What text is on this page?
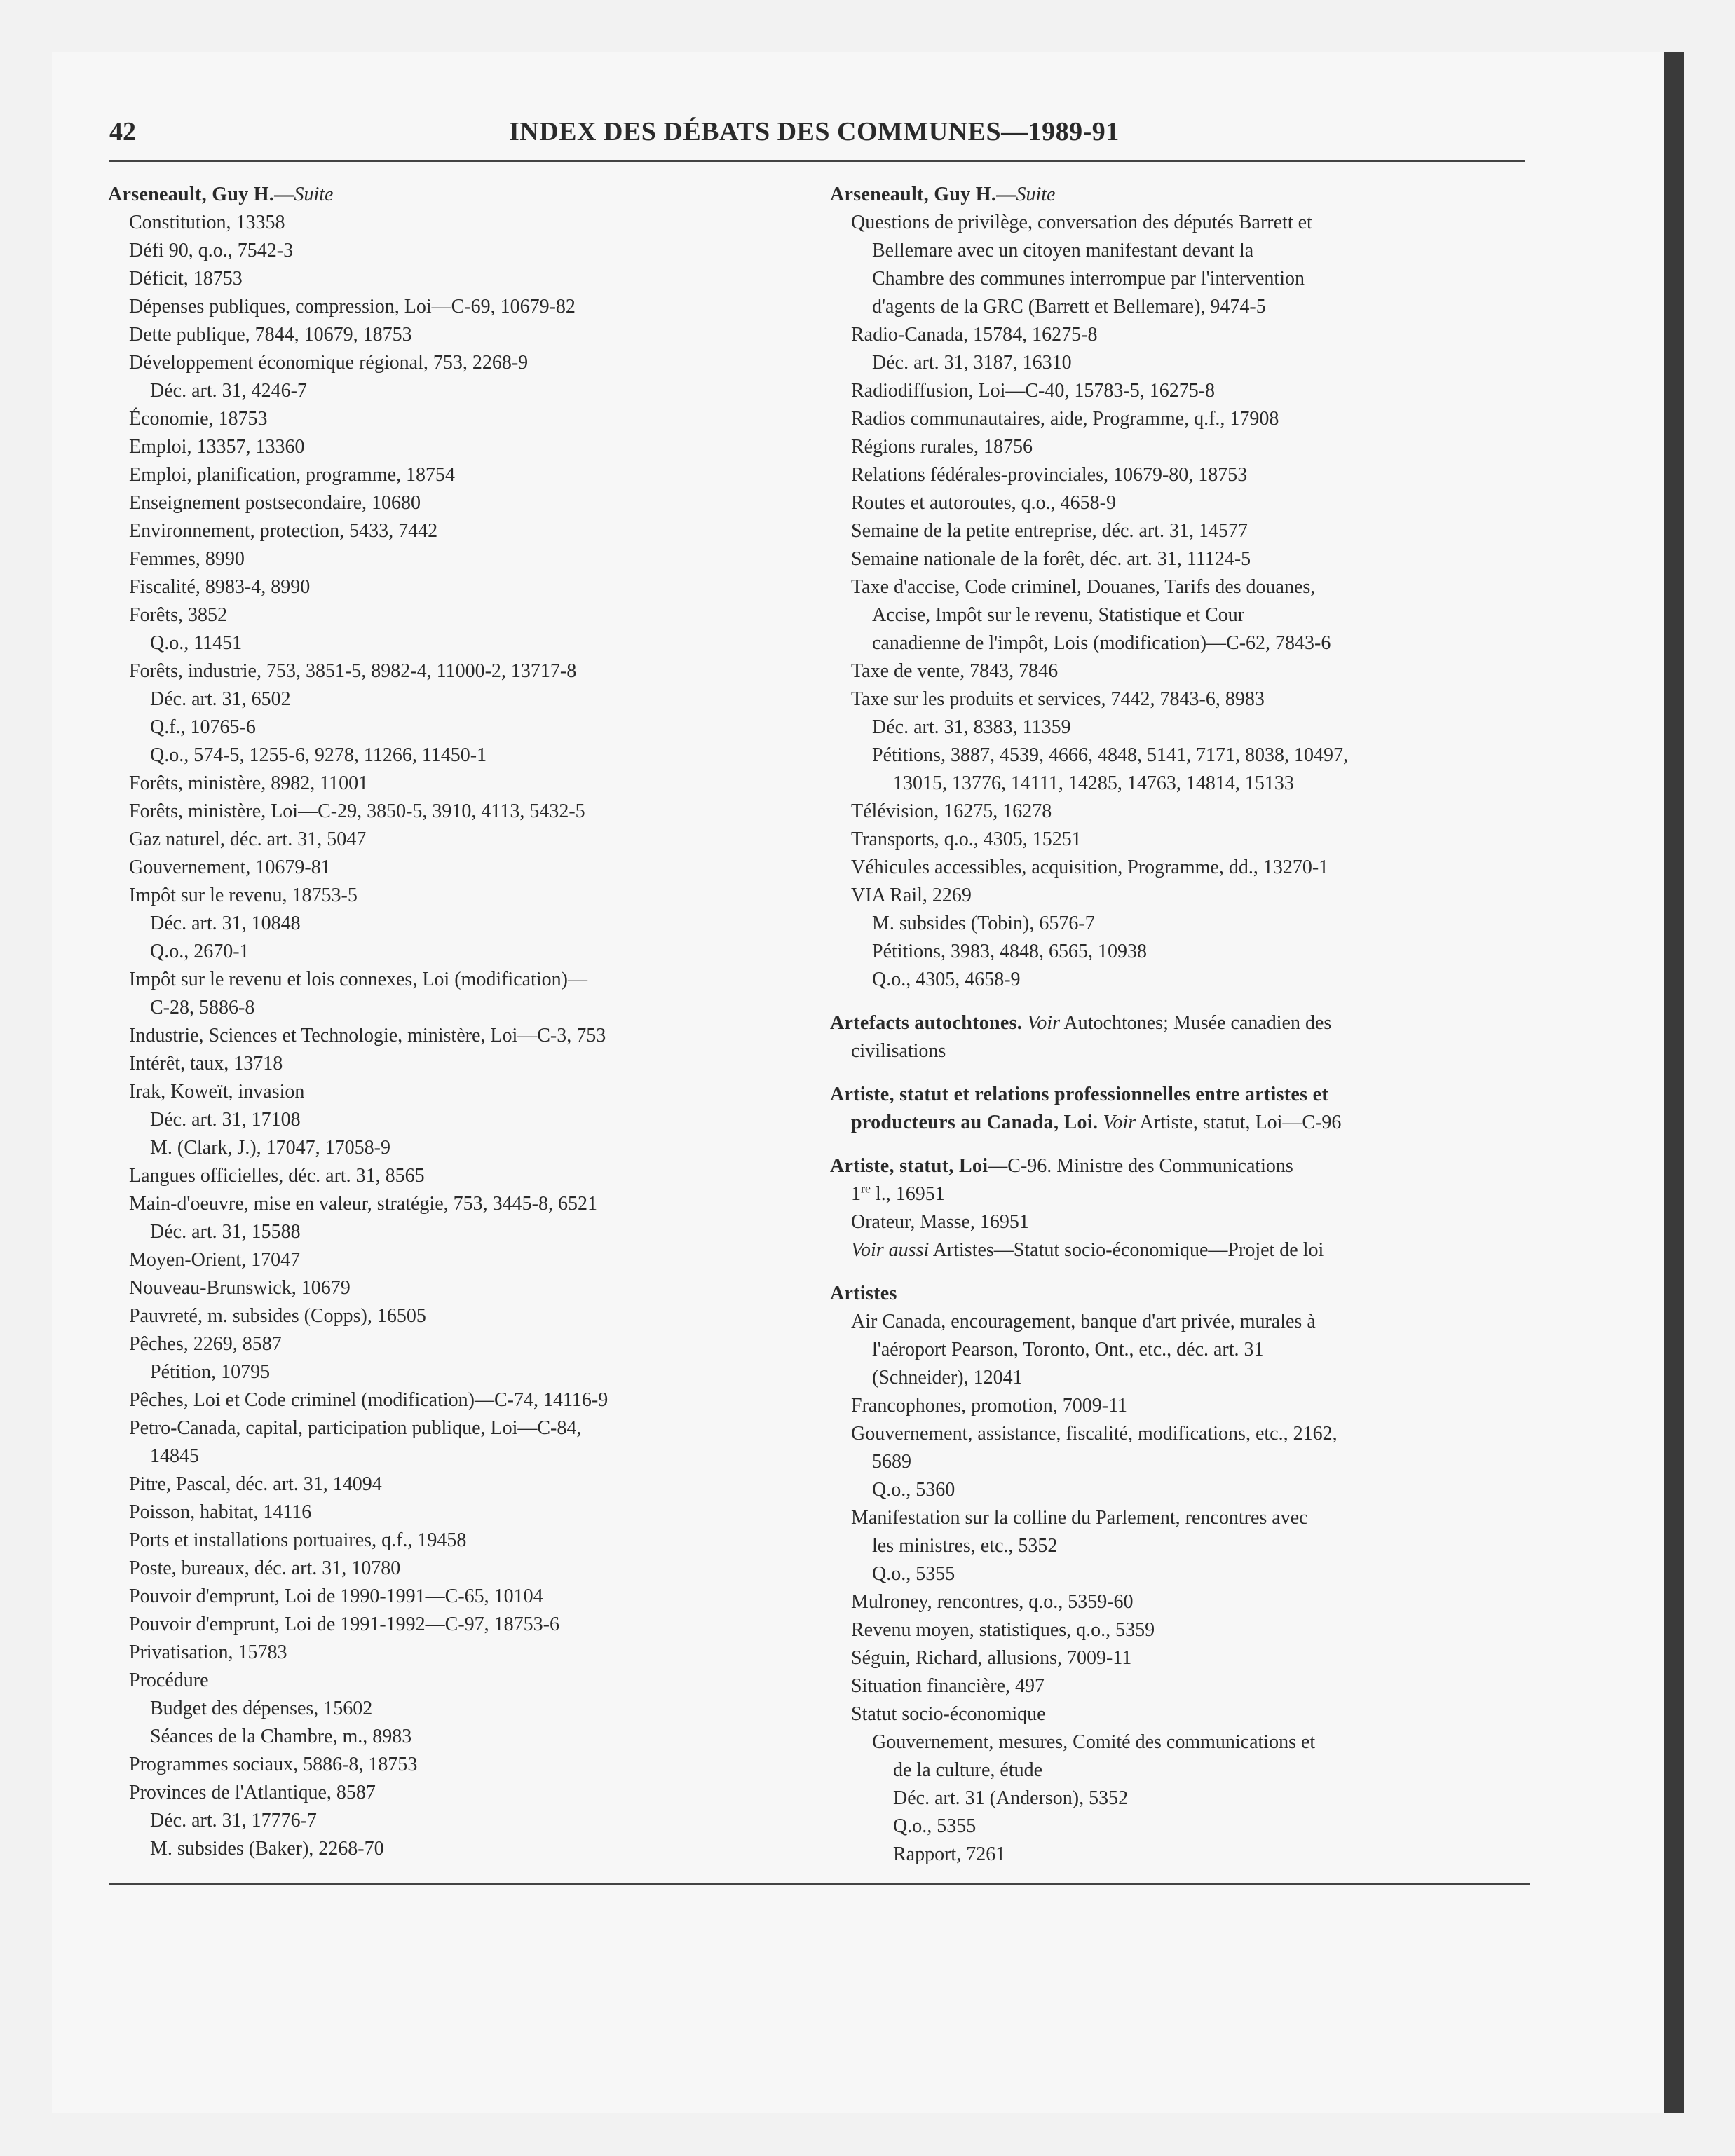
42	INDEX DES DÉBATS DES COMMUNES—1989-91
Arseneault, Guy H.—Suite
Constitution, 13358
Défi 90, q.o., 7542-3
Déficit, 18753
Dépenses publiques, compression, Loi—C-69, 10679-82
Dette publique, 7844, 10679, 18753
Développement économique régional, 753, 2268-9
Déc. art. 31, 4246-7
Économie, 18753
Emploi, 13357, 13360
Emploi, planification, programme, 18754
Enseignement postsecondaire, 10680
Environnement, protection, 5433, 7442
Femmes, 8990
Fiscalité, 8983-4, 8990
Forêts, 3852
Q.o., 11451
Forêts, industrie, 753, 3851-5, 8982-4, 11000-2, 13717-8
Déc. art. 31, 6502
Q.f., 10765-6
Q.o., 574-5, 1255-6, 9278, 11266, 11450-1
Forêts, ministère, 8982, 11001
Forêts, ministère, Loi—C-29, 3850-5, 3910, 4113, 5432-5
Gaz naturel, déc. art. 31, 5047
Gouvernement, 10679-81
Impôt sur le revenu, 18753-5
Déc. art. 31, 10848
Q.o., 2670-1
Impôt sur le revenu et lois connexes, Loi (modification)—
C-28, 5886-8
Industrie, Sciences et Technologie, ministère, Loi—C-3, 753
Intérêt, taux, 13718
Irak, Koweït, invasion
Déc. art. 31, 17108
M. (Clark, J.), 17047, 17058-9
Langues officielles, déc. art. 31, 8565
Main-d'oeuvre, mise en valeur, stratégie, 753, 3445-8, 6521
Déc. art. 31, 15588
Moyen-Orient, 17047
Nouveau-Brunswick, 10679
Pauvreté, m. subsides (Copps), 16505
Pêches, 2269, 8587
Pétition, 10795
Pêches, Loi et Code criminel (modification)—C-74, 14116-9
Petro-Canada, capital, participation publique, Loi—C-84,
14845
Pitre, Pascal, déc. art. 31, 14094
Poisson, habitat, 14116
Ports et installations portuaires, q.f., 19458
Poste, bureaux, déc. art. 31, 10780
Pouvoir d'emprunt, Loi de 1990-1991—C-65, 10104
Pouvoir d'emprunt, Loi de 1991-1992—C-97, 18753-6
Privatisation, 15783
Procédure
Budget des dépenses, 15602
Séances de la Chambre, m., 8983
Programmes sociaux, 5886-8, 18753
Provinces de l'Atlantique, 8587
Déc. art. 31, 17776-7
M. subsides (Baker), 2268-70
Arseneault, Guy H.—Suite
Questions de privilège, conversation des députés Barrett et
Bellemare avec un citoyen manifestant devant la
Chambre des communes interrompue par l'intervention
d'agents de la GRC (Barrett et Bellemare), 9474-5
Radio-Canada, 15784, 16275-8
Déc. art. 31, 3187, 16310
Radiodiffusion, Loi—C-40, 15783-5, 16275-8
Radios communautaires, aide, Programme, q.f., 17908
Régions rurales, 18756
Relations fédérales-provinciales, 10679-80, 18753
Routes et autoroutes, q.o., 4658-9
Semaine de la petite entreprise, déc. art. 31, 14577
Semaine nationale de la forêt, déc. art. 31, 11124-5
Taxe d'accise, Code criminel, Douanes, Tarifs des douanes,
Accise, Impôt sur le revenu, Statistique et Cour
canadienne de l'impôt, Lois (modification)—C-62, 7843-6
Taxe de vente, 7843, 7846
Taxe sur les produits et services, 7442, 7843-6, 8983
Déc. art. 31, 8383, 11359
Pétitions, 3887, 4539, 4666, 4848, 5141, 7171, 8038, 10497,
13015, 13776, 14111, 14285, 14763, 14814, 15133
Télévision, 16275, 16278
Transports, q.o., 4305, 15251
Véhicules accessibles, acquisition, Programme, dd., 13270-1
VIA Rail, 2269
M. subsides (Tobin), 6576-7
Pétitions, 3983, 4848, 6565, 10938
Q.o., 4305, 4658-9
Artefacts autochtones. Voir Autochtones; Musée canadien des
civilisations
Artiste, statut et relations professionnelles entre artistes et
producteurs au Canada, Loi. Voir Artiste, statut, Loi—C-96
Artiste, statut, Loi—C-96. Ministre des Communications
1re l., 16951
Orateur, Masse, 16951
Voir aussi Artistes—Statut socio-économique—Projet de loi
Artistes
Air Canada, encouragement, banque d'art privée, murales à
l'aéroport Pearson, Toronto, Ont., etc., déc. art. 31
(Schneider), 12041
Francophones, promotion, 7009-11
Gouvernement, assistance, fiscalité, modifications, etc., 2162,
5689
Q.o., 5360
Manifestation sur la colline du Parlement, rencontres avec
les ministres, etc., 5352
Q.o., 5355
Mulroney, rencontres, q.o., 5359-60
Revenu moyen, statistiques, q.o., 5359
Séguin, Richard, allusions, 7009-11
Situation financière, 497
Statut socio-économique
Gouvernement, mesures, Comité des communications et
de la culture, étude
Déc. art. 31 (Anderson), 5352
Q.o., 5355
Rapport, 7261
